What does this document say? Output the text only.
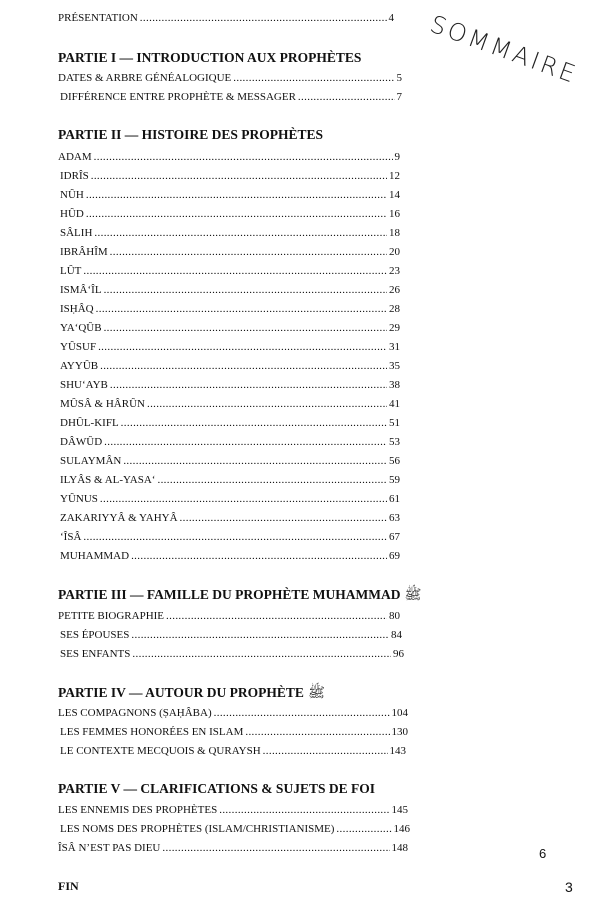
SOMMAIRE
PRÉSENTATION . . .	4
PARTIE I — INTRODUCTION AUX PROPHÈTES
DATES & ARBRE GÉNÉALOGIQUE . . .	5
DIFFÉRENCE ENTRE PROPHÈTE & MESSAGER . . .	7
PARTIE II — HISTOIRE DES PROPHÈTES
ADAM . . .	9
IDRÎS . . .	12
NÛH . . .	14
HÛD . . .	16
SÂLIH . . .	18
IBRÂHÎM . . .	20
LÛT . . .	23
ISMÂ‘ÎL . . .	26
ISḤÂQ . . .	28
YA‘QÛB . . .	29
YÛSUF . . .	31
AYYÛB . . .	35
SHU‘AYB . . .	38
MÛSÂ & HÂRÛN . . .	41
DHÛL-KIFL . . .	51
DÂWÛD . . .	53
SULAYMÂN . . .	56
ILYÂS & AL-YASA‘ . . .	59
YÛNUS . . .	61
ZAKARIYYÂ & YAHYÂ . . .	63
‘ÎSÂ . . .	67
MUHAMMAD . . .	69
PARTIE III — FAMILLE DU PROPHÈTE MUHAMMAD ﷺ
PETITE BIOGRAPHIE . . .	80
SES ÉPOUSES . . .	84
SES ENFANTS . . .	96
PARTIE IV — AUTOUR DU PROPHÈTE ﷺ
LES COMPAGNONS (ṢAḤÂBA) . . .	104
LES FEMMES HONORÉES EN ISLAM . . .	130
LE CONTEXTE MECQUOIS & QURAYSH . . .	143
PARTIE V — CLARIFICATIONS & SUJETS DE FOI
LES ENNEMIS DES PROPHÈTES . . .	145
LES NOMS DES PROPHÈTES (ISLAM/CHRISTIANISME) . . .	146
ÎSÂ N’EST PAS DIEU . . .	148	6
FIN	3
